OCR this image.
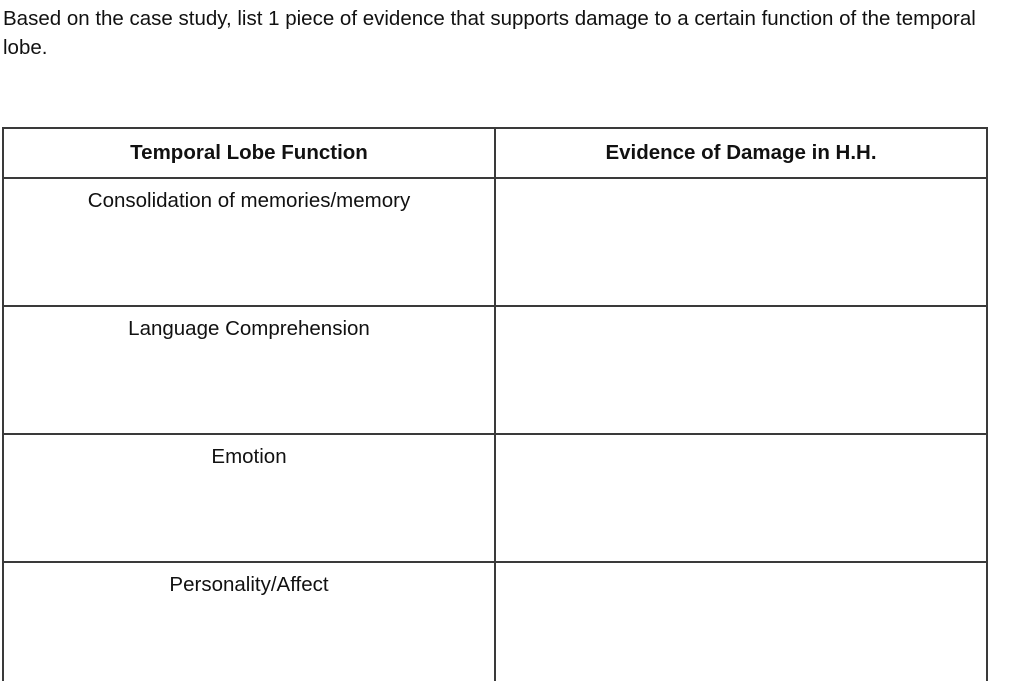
Based on the case study, list 1 piece of evidence that supports damage to a certain function of the temporal lobe.

Temporal Lobe Function	Evidence of Damage in H.H.

Consolidation of memories/memory	

Language Comprehension	

Emotion	

Personality/Affect	
